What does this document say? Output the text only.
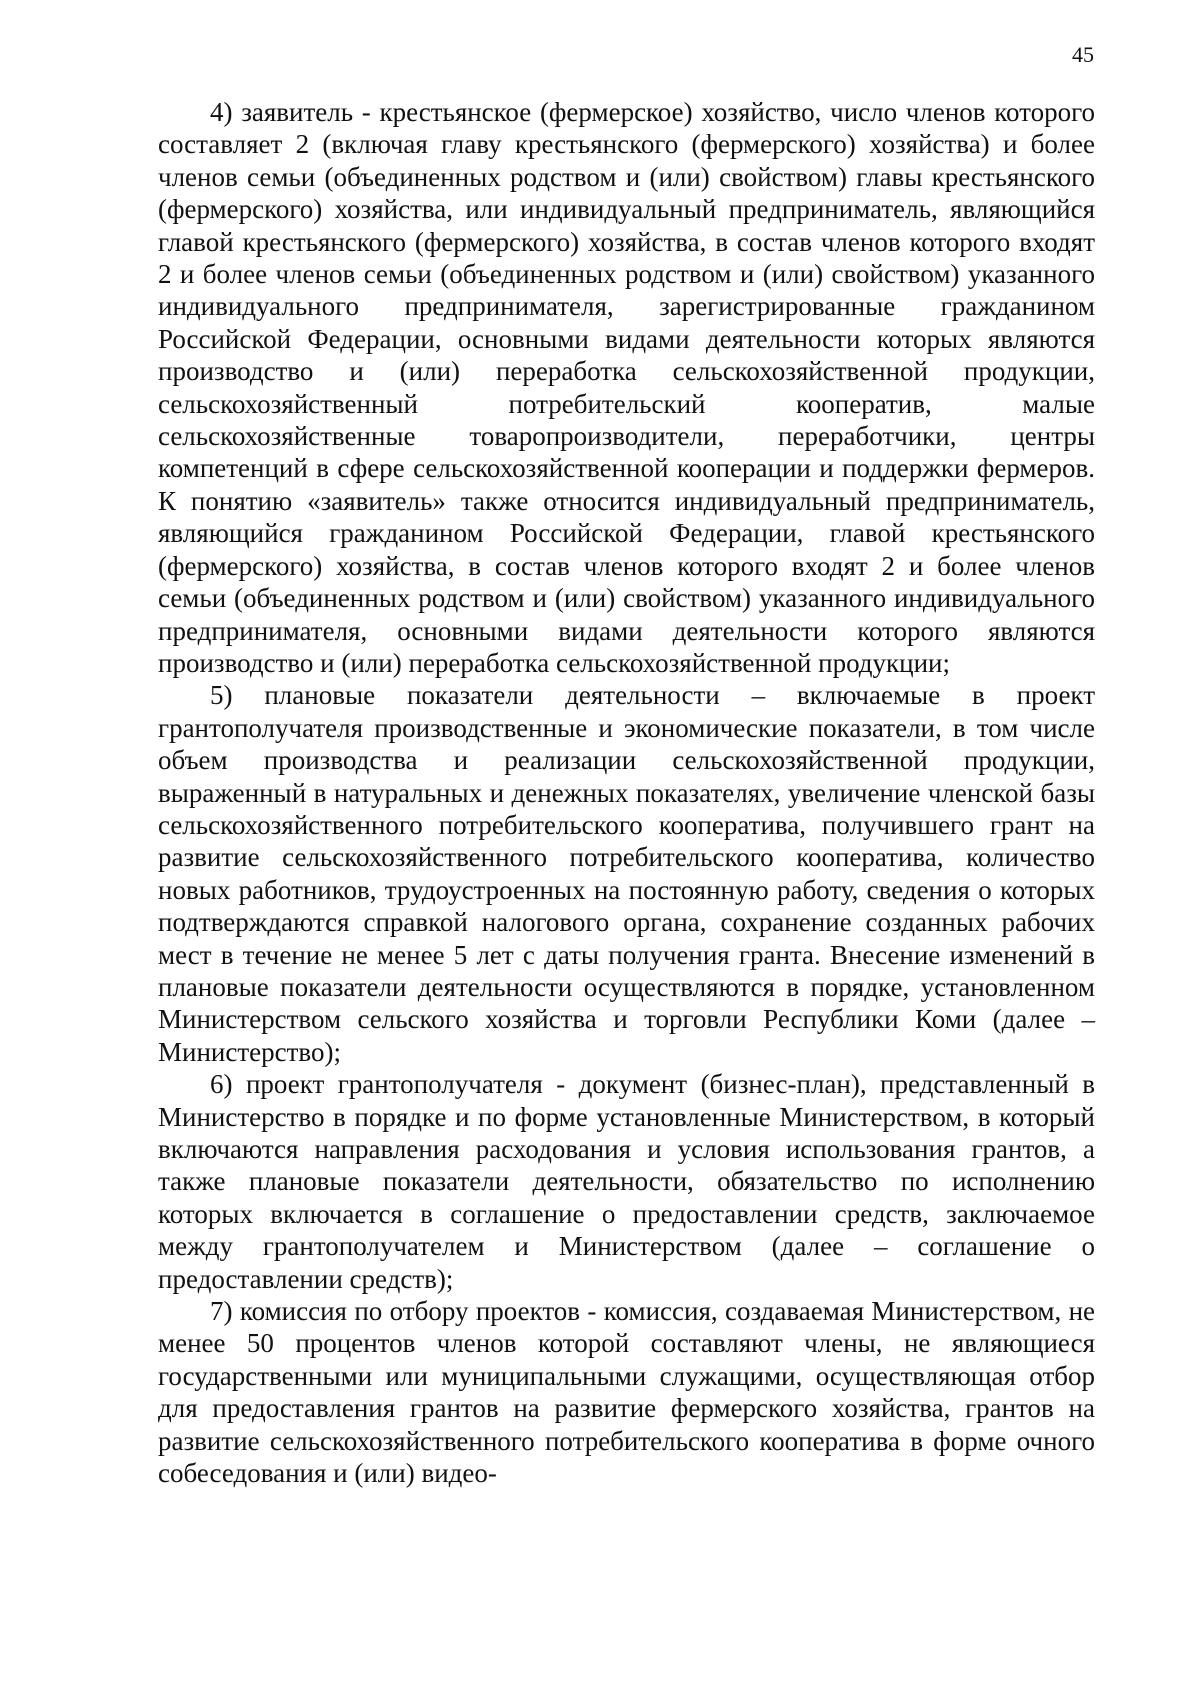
45

4) заявитель - крестьянское (фермерское) хозяйство, число членов которого составляет 2 (включая главу крестьянского (фермерского) хозяйства) и более членов семьи (объединенных родством и (или) свойством) главы крестьянского (фермерского) хозяйства, или индивидуальный предприниматель, являющийся главой крестьянского (фермерского) хозяйства, в состав членов которого входят 2 и более членов семьи (объединенных родством и (или) свойством) указанного индивидуального предпринимателя, зарегистрированные гражданином Российской Федерации, основными видами деятельности которых являются производство и (или) переработка сельскохозяйственной продукции, сельскохозяйственный потребительский кооператив, малые сельскохозяйственные товаропроизводители, переработчики, центры компетенций в сфере сельскохозяйственной кооперации и поддержки фермеров. К понятию «заявитель» также относится индивидуальный предприниматель, являющийся гражданином Российской Федерации, главой крестьянского (фермерского) хозяйства, в состав членов которого входят 2 и более членов семьи (объединенных родством и (или) свойством) указанного индивидуального предпринимателя, основными видами деятельности которого являются производство и (или) переработка сельскохозяйственной продукции;

5) плановые показатели деятельности – включаемые в проект грантополучателя производственные и экономические показатели, в том числе объем производства и реализации сельскохозяйственной продукции, выраженный в натуральных и денежных показателях, увеличение членской базы сельскохозяйственного потребительского кооператива, получившего грант на развитие сельскохозяйственного потребительского кооператива, количество новых работников, трудоустроенных на постоянную работу, сведения о которых подтверждаются справкой налогового органа, сохранение созданных рабочих мест в течение не менее 5 лет с даты получения гранта. Внесение изменений в плановые показатели деятельности осуществляются в порядке, установленном Министерством сельского хозяйства и торговли Республики Коми (далее – Министерство);

6) проект грантополучателя - документ (бизнес-план), представленный в Министерство в порядке и по форме установленные Министерством, в который включаются направления расходования и условия использования грантов, а также плановые показатели деятельности, обязательство по исполнению которых включается в соглашение о предоставлении средств, заключаемое между грантополучателем и Министерством (далее – соглашение о предоставлении средств);

7) комиссия по отбору проектов - комиссия, создаваемая Министерством, не менее 50 процентов членов которой составляют члены, не являющиеся государственными или муниципальными служащими, осуществляющая отбор для предоставления грантов на развитие фермерского хозяйства, грантов на развитие сельскохозяйственного потребительского кооператива в форме очного собеседования и (или) видео-
